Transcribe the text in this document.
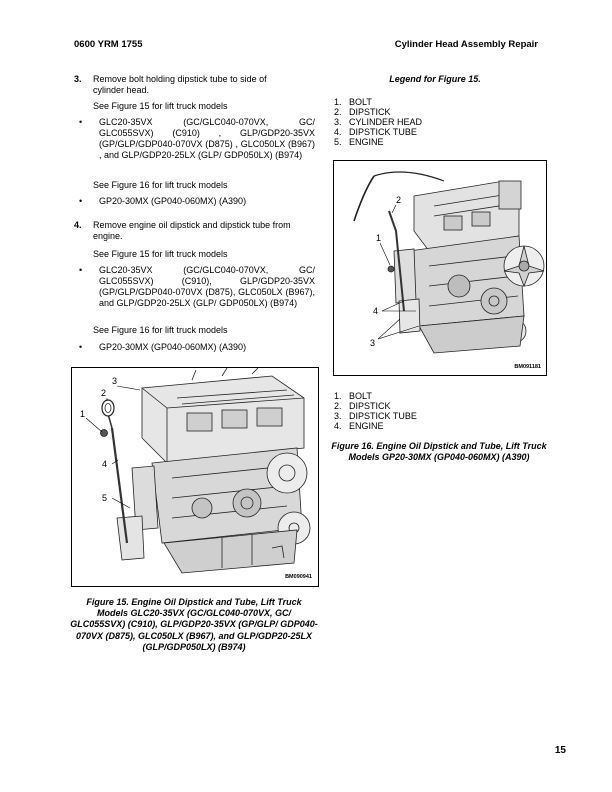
0600 YRM 1755	Cylinder Head Assembly Repair
3. Remove bolt holding dipstick tube to side of cylinder head.
See Figure 15 for lift truck models
• GLC20-35VX (GC/GLC040-070VX, GC/ GLC055SVX) (C910) , GLP/GDP20-35VX (GP/GLP/GDP040-070VX (D875) , GLC050LX (B967) , and GLP/GDP20-25LX (GLP/ GDP050LX) (B974)
See Figure 16 for lift truck models
• GP20-30MX (GP040-060MX) (A390)
4. Remove engine oil dipstick and dipstick tube from engine.
See Figure 15 for lift truck models
• GLC20-35VX (GC/GLC040-070VX, GC/ GLC055SVX) (C910), GLP/GDP20-35VX (GP/GLP/GDP040-070VX (D875), GLC050LX (B967), and GLP/GDP20-25LX (GLP/ GDP050LX) (B974)
See Figure 16 for lift truck models
• GP20-30MX (GP040-060MX) (A390)
1
2
3
4
5
BM090941
Figure 15. Engine Oil Dipstick and Tube, Lift Truck Models GLC20-35VX (GC/GLC040-070VX, GC/ GLC055SVX) (C910), GLP/GDP20-35VX (GP/GLP/ GDP040-070VX (D875), GLC050LX (B967), and GLP/GDP20-25LX (GLP/GDP050LX) (B974)
Legend for Figure 15.
1. BOLT
2. DIPSTICK
3. CYLINDER HEAD
4. DIPSTICK TUBE
5. ENGINE
1
2
3
4
BM091181
1. BOLT
2. DIPSTICK
3. DIPSTICK TUBE
4. ENGINE
Figure 16. Engine Oil Dipstick and Tube, Lift Truck Models GP20-30MX (GP040-060MX) (A390)
15
